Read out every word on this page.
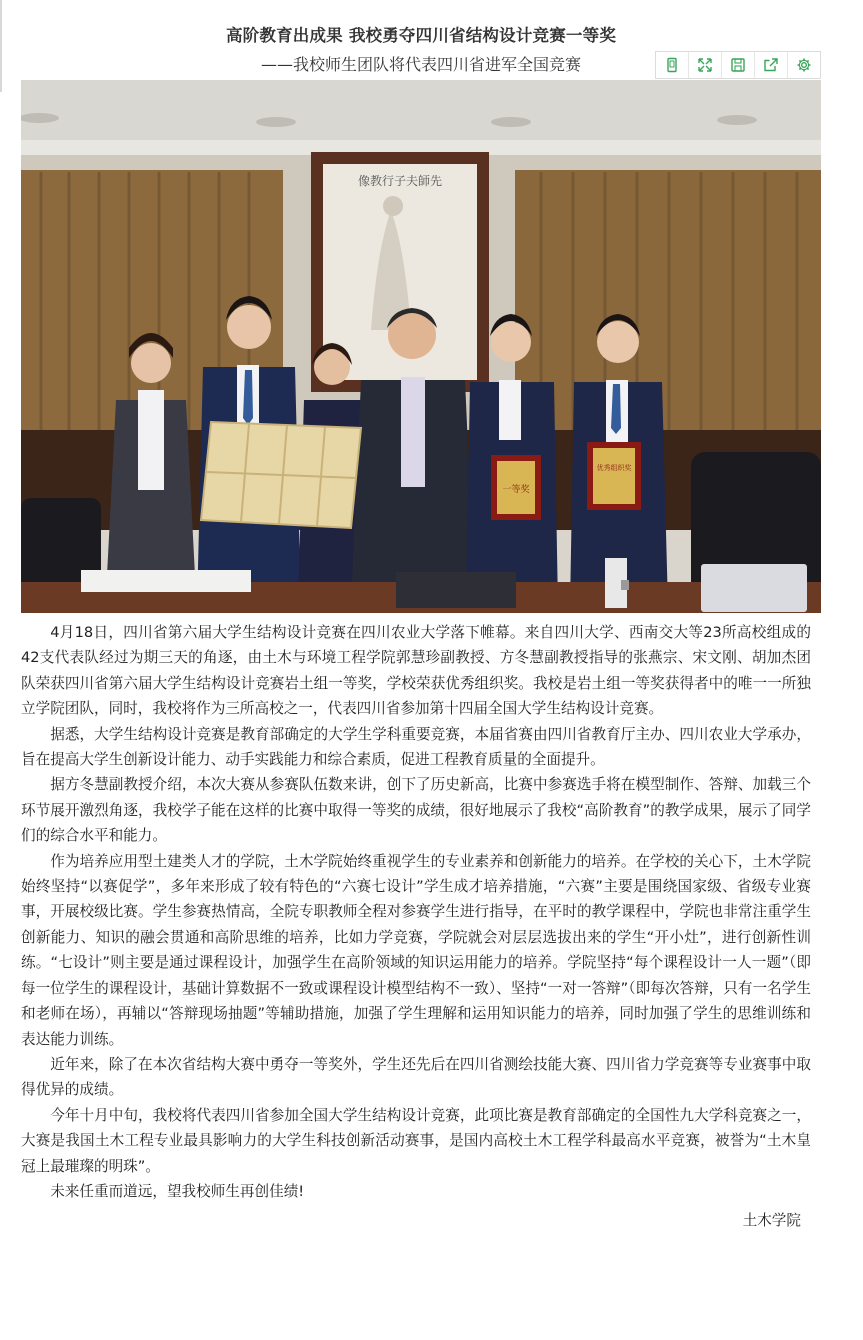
高阶教育出成果 我校勇夺四川省结构设计竞赛一等奖
——我校师生团队将代表四川省进军全国竞赛
像教行子夫師先
一等奖
优秀组织奖

4月18日，四川省第六届大学生结构设计竞赛在四川农业大学落下帷幕。来自四川大学、西南交大等23所高校组成的42支代表队经过为期三天的角逐，由土木与环境工程学院郭慧珍副教授、方冬慧副教授指导的张燕宗、宋文刚、胡加杰团队荣获四川省第六届大学生结构设计竞赛岩土组一等奖，学校荣获优秀组织奖。我校是岩土组一等奖获得者中的唯一一所独立学院团队，同时，我校将作为三所高校之一，代表四川省参加第十四届全国大学生结构设计竞赛。

据悉，大学生结构设计竞赛是教育部确定的大学生学科重要竞赛，本届省赛由四川省教育厅主办、四川农业大学承办，旨在提高大学生创新设计能力、动手实践能力和综合素质，促进工程教育质量的全面提升。

据方冬慧副教授介绍，本次大赛从参赛队伍数来讲，创下了历史新高，比赛中参赛选手将在模型制作、答辩、加载三个环节展开激烈角逐，我校学子能在这样的比赛中取得一等奖的成绩，很好地展示了我校“高阶教育”的教学成果，展示了同学们的综合水平和能力。

作为培养应用型土建类人才的学院，土木学院始终重视学生的专业素养和创新能力的培养。在学校的关心下，土木学院始终坚持“以赛促学”，多年来形成了较有特色的“六赛七设计”学生成才培养措施，“六赛”主要是围绕国家级、省级专业赛事，开展校级比赛。学生参赛热情高，全院专职教师全程对参赛学生进行指导，在平时的教学课程中，学院也非常注重学生创新能力、知识的融会贯通和高阶思维的培养，比如力学竞赛，学院就会对层层选拔出来的学生“开小灶”，进行创新性训练。“七设计”则主要是通过课程设计，加强学生在高阶领域的知识运用能力的培养。学院坚持“每个课程设计一人一题”（即每一位学生的课程设计，基础计算数据不一致或课程设计模型结构不一致）、坚持“一对一答辩”（即每次答辩，只有一名学生和老师在场），再辅以“答辩现场抽题”等辅助措施，加强了学生理解和运用知识能力的培养，同时加强了学生的思维训练和表达能力训练。

近年来，除了在本次省结构大赛中勇夺一等奖外，学生还先后在四川省测绘技能大赛、四川省力学竞赛等专业赛事中取得优异的成绩。

今年十月中旬，我校将代表四川省参加全国大学生结构设计竞赛，此项比赛是教育部确定的全国性九大学科竞赛之一，大赛是我国土木工程专业最具影响力的大学生科技创新活动赛事，是国内高校土木工程学科最高水平竞赛，被誉为“土木皇冠上最璀璨的明珠”。

未来任重而道远，望我校师生再创佳绩!

土木学院
